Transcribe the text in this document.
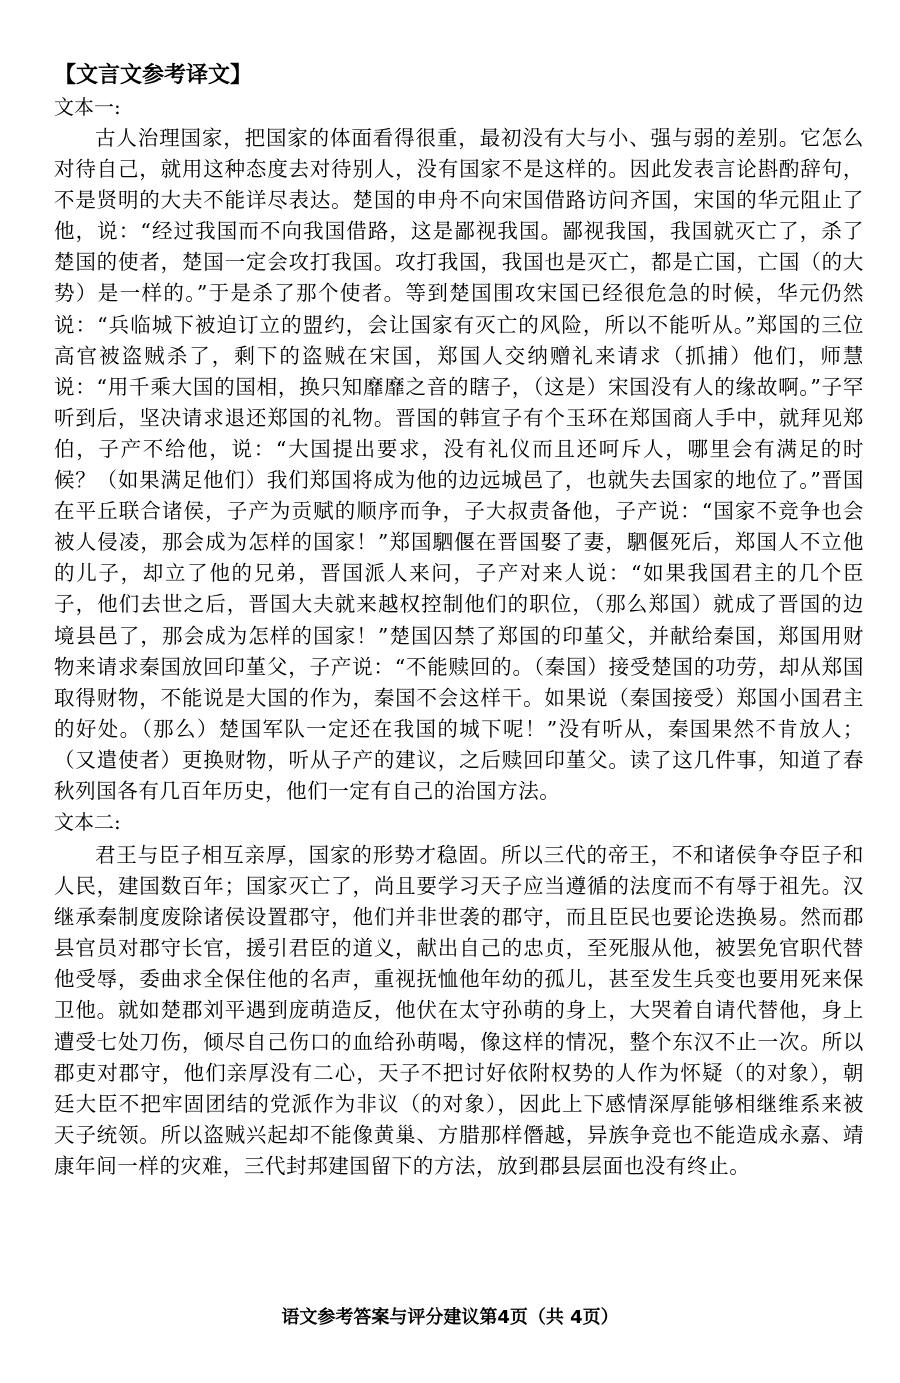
【文言文参考译文】
文本一:

古人治理国家，把国家的体面看得很重，最初没有大与小、强与弱的差别。它怎么对待自己，就用这种态度去对待别人，没有国家不是这样的。因此发表言论斟酌辞句，不是贤明的大夫不能详尽表达。楚国的申舟不向宋国借路访问齐国，宋国的华元阻止了他，说：“经过我国而不向我国借路，这是鄙视我国。鄙视我国，我国就灭亡了，杀了楚国的使者，楚国一定会攻打我国。攻打我国，我国也是灭亡，都是亡国，亡国（的大势）是一样的。”于是杀了那个使者。等到楚国围攻宋国已经很危急的时候，华元仍然说：“兵临城下被迫订立的盟约，会让国家有灭亡的风险，所以不能听从。”郑国的三位高官被盗贼杀了，剩下的盗贼在宋国，郑国人交纳赠礼来请求（抓捕）他们，师慧说：“用千乘大国的国相，换只知靡靡之音的瞎子，（这是）宋国没有人的缘故啊。”子罕听到后，坚决请求退还郑国的礼物。晋国的韩宣子有个玉环在郑国商人手中，就拜见郑伯，子产不给他，说：“大国提出要求，没有礼仪而且还呵斥人，哪里会有满足的时候？（如果满足他们）我们郑国将成为他的边远城邑了，也就失去国家的地位了。”晋国在平丘联合诸侯，子产为贡赋的顺序而争，子大叔责备他，子产说：“国家不竞争也会被人侵凌，那会成为怎样的国家！”郑国駟偃在晋国娶了妻，駟偃死后，郑国人不立他的儿子，却立了他的兄弟，晋国派人来问，子产对来人说：“如果我国君主的几个臣子，他们去世之后，晋国大夫就来越权控制他们的职位，（那么郑国）就成了晋国的边境县邑了，那会成为怎样的国家！”楚国囚禁了郑国的印堇父，并献给秦国，郑国用财物来请求秦国放回印堇父，子产说：“不能赎回的。（秦国）接受楚国的功劳，却从郑国取得财物，不能说是大国的作为，秦国不会这样干。如果说（秦国接受）郑国小国君主的好处。（那么）楚国军队一定还在我国的城下呢！”没有听从，秦国果然不肯放人；（又遣使者）更换财物，听从子产的建议，之后赎回印堇父。读了这几件事，知道了春秋列国各有几百年历史，他们一定有自己的治国方法。

文本二:

君王与臣子相互亲厚，国家的形势才稳固。所以三代的帝王，不和诸侯争夺臣子和人民，建国数百年；国家灭亡了，尚且要学习天子应当遵循的法度而不有辱于祖先。汉继承秦制度废除诸侯设置郡守，他们并非世袭的郡守，而且臣民也要论迭换易。然而郡县官员对郡守长官，援引君臣的道义，献出自己的忠贞，至死服从他，被罢免官职代替他受辱，委曲求全保住他的名声，重视抚恤他年幼的孤儿，甚至发生兵变也要用死来保卫他。就如楚郡刘平遇到庞萌造反，他伏在太守孙萌的身上，大哭着自请代替他，身上遭受七处刀伤，倾尽自己伤口的血给孙萌喝，像这样的情况，整个东汉不止一次。所以郡吏对郡守，他们亲厚没有二心，天子不把讨好依附权势的人作为怀疑（的对象），朝廷大臣不把牢固团结的党派作为非议（的对象），因此上下感情深厚能够相继维系来被天子统领。所以盗贼兴起却不能像黄巢、方腊那样僭越，异族争竞也不能造成永嘉、靖康年间一样的灾难，三代封邦建国留下的方法，放到郡县层面也没有终止。

语文参考答案与评分建议第4页（共 4页）
